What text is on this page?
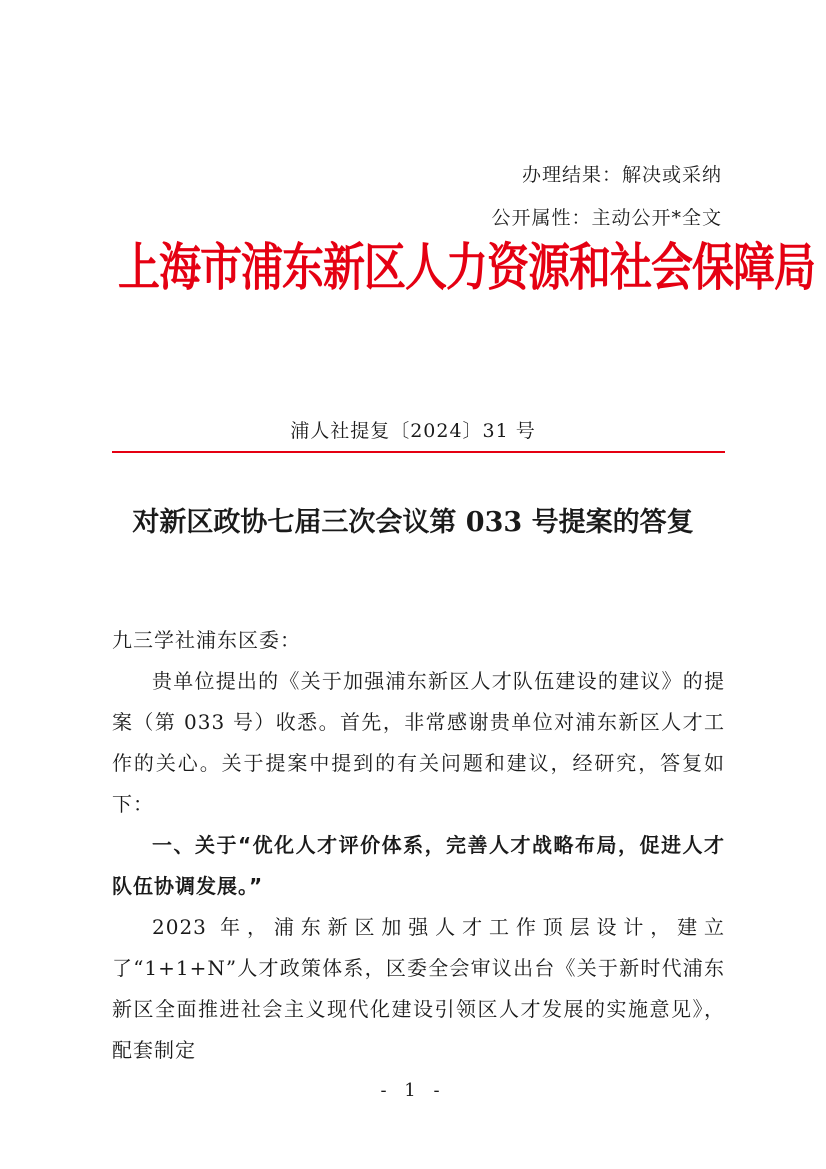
办理结果：解决或采纳
公开属性：主动公开*全文
上海市浦东新区人力资源和社会保障局
浦人社提复〔2024〕31 号
对新区政协七届三次会议第 033 号提案的答复

九三学社浦东区委：

贵单位提出的《关于加强浦东新区人才队伍建设的建议》的提案（第 033 号）收悉。首先，非常感谢贵单位对浦东新区人才工作的关心。关于提案中提到的有关问题和建议，经研究，答复如下：

一、关于“优化人才评价体系，完善人才战略布局，促进人才队伍协调发展。”

2023 年，浦东新区加强人才工作顶层设计，建立了“1+1+N”人才政策体系，区委全会审议出台《关于新时代浦东新区全面推进社会主义现代化建设引领区人才发展的实施意见》，配套制定

- 1 -
